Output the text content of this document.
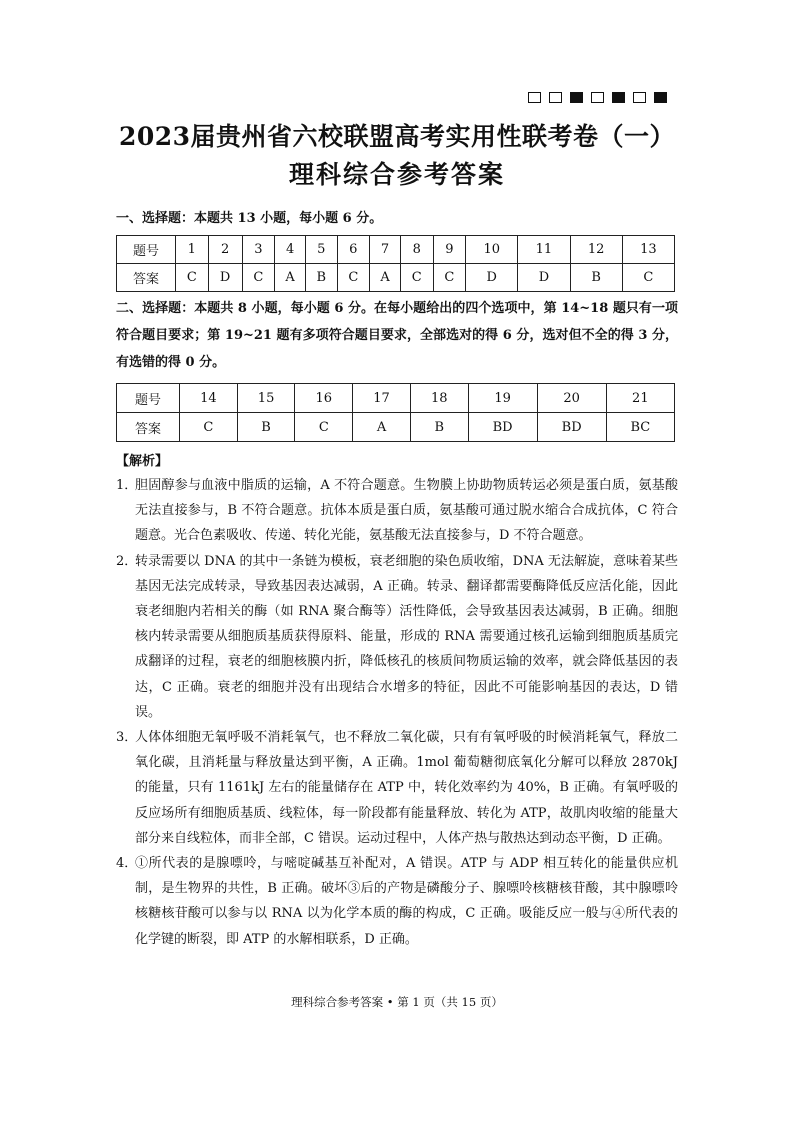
2023届贵州省六校联盟高考实用性联考卷（一）
理科综合参考答案
一、选择题：本题共 13 小题，每小题 6 分。
题号	1	2	3	4	5	6	7	8	9	10	11	12	13
答案	C	D	C	A	B	C	A	C	C	D	D	B	C
二、选择题：本题共 8 小题，每小题 6 分。在每小题给出的四个选项中，第 14~18 题只有一项符合题目要求；第 19~21 题有多项符合题目要求，全部选对的得 6 分，选对但不全的得 3 分，有选错的得 0 分。
题号	14	15	16	17	18	19	20	21
答案	C	B	C	A	B	BD	BD	BC
【解析】
1．
胆固醇参与血液中脂质的运输，A 不符合题意。生物膜上协助物质转运必须是蛋白质，氨基酸无法直接参与，B 不符合题意。抗体本质是蛋白质，氨基酸可通过脱水缩合合成抗体，C 符合题意。光合色素吸收、传递、转化光能，氨基酸无法直接参与，D 不符合题意。
2．
转录需要以 DNA 的其中一条链为模板，衰老细胞的染色质收缩，DNA 无法解旋，意味着某些基因无法完成转录，导致基因表达减弱，A 正确。转录、翻译都需要酶降低反应活化能，因此衰老细胞内若相关的酶（如 RNA 聚合酶等）活性降低，会导致基因表达减弱，B 正确。细胞核内转录需要从细胞质基质获得原料、能量，形成的 RNA 需要通过核孔运输到细胞质基质完成翻译的过程，衰老的细胞核膜内折，降低核孔的核质间物质运输的效率，就会降低基因的表达，C 正确。衰老的细胞并没有出现结合水增多的特征，因此不可能影响基因的表达，D 错误。
3．
人体体细胞无氧呼吸不消耗氧气，也不释放二氧化碳，只有有氧呼吸的时候消耗氧气，释放二氧化碳，且消耗量与释放量达到平衡，A 正确。1mol 葡萄糖彻底氧化分解可以释放 2870kJ 的能量，只有 1161kJ 左右的能量储存在 ATP 中，转化效率约为 40%，B 正确。有氧呼吸的反应场所有细胞质基质、线粒体，每一阶段都有能量释放、转化为 ATP，故肌肉收缩的能量大部分来自线粒体，而非全部，C 错误。运动过程中，人体产热与散热达到动态平衡，D 正确。
4．
①所代表的是腺嘌呤，与嘧啶碱基互补配对，A 错误。ATP 与 ADP 相互转化的能量供应机制，是生物界的共性，B 正确。破坏③后的产物是磷酸分子、腺嘌呤核糖核苷酸，其中腺嘌呤核糖核苷酸可以参与以 RNA 以为化学本质的酶的构成，C 正确。吸能反应一般与④所代表的化学键的断裂，即 ATP 的水解相联系，D 正确。
理科综合参考答案 • 第 1 页（共 15 页）
